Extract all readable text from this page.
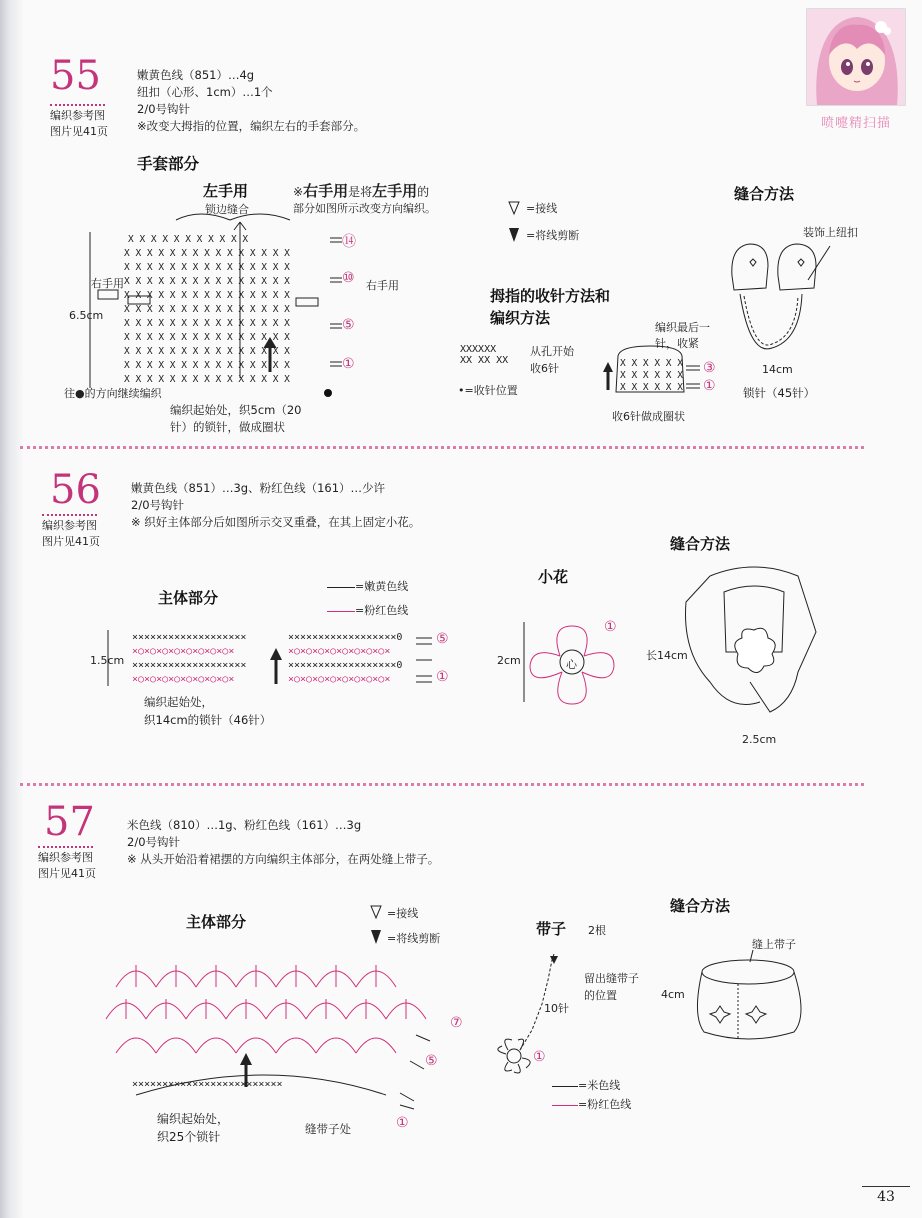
喷嚏精扫描
55
编织参考图
图片见41页
嫩黄色线（851）…4g
纽扣（心形、1cm）…1个
2/0号钩针
※改变大拇指的位置，编织左右的手套部分。
手套部分
左手用
锁边缝合
※右手用是将左手用的
部分如图所示改变方向编织。
右手用	右手用
6.5cm
往●的方向继续编织
编织起始处，织5cm（20
针）的锁针，做成圈状
⑭
⑩
⑤
①
X X X X X X X X X X X
X X X X X X X X X X X X X X X
X X X X X X X X X X X X X X X
X X X X X X X X X X X X X X X
X X X X X X X X X X X X X X X
X X X X X X X X X X X X X X X
X X X X X X X X X X X X X X X
X X X X X X X X X X X X X X X
X X X X X X X X X X X X X X X
X X X X X X X X X X X X X X X
X X X X X X X X X X X X X X X
=接线
=将线剪断
拇指的收针方法和
编织方法
XXXXXX
XX XX XX
从孔开始
收6针
•=收针位置
编织最后一
针，收紧
X X X X X X
X X X X X X
X X X X X X
③
①
收6针做成圈状
缝合方法
装饰上纽扣
14cm
锁针（45针）
56
编织参考图
图片见41页
嫩黄色线（851）…3g、粉红色线（161）…少许
2/0号钩针
※ 织好主体部分后如图所示交叉重叠，在其上固定小花。
主体部分
=嫩黄色线
=粉红色线
1.5cm
×××××××××××××××××××
×○×○×○×○×○×○×○×○×
×××××××××××××××××××
×○×○×○×○×○×○×○×○×
××××××××××××××××××0
×○×○×○×○×○×○×○×○×
××××××××××××××××××0
×○×○×○×○×○×○×○×○×
⑤
①
编织起始处，
织14cm的锁针（46针）
小花
2cm	心
①
缝合方法
长14cm
2.5cm
57
编织参考图
图片见41页
米色线（810）…1g、粉红色线（161）…3g
2/0号钩针
※ 从头开始沿着裙摆的方向编织主体部分，在两处缝上带子。
主体部分	=接线
=将线剪断
×××××××××××××××××××××××××
⑦
⑤
①
编织起始处，
织25个锁针
缝带子处
带子 2根
留出缝带子
的位置
10针
①
=米色线
=粉红色线
缝合方法
缝上带子
4cm
43
